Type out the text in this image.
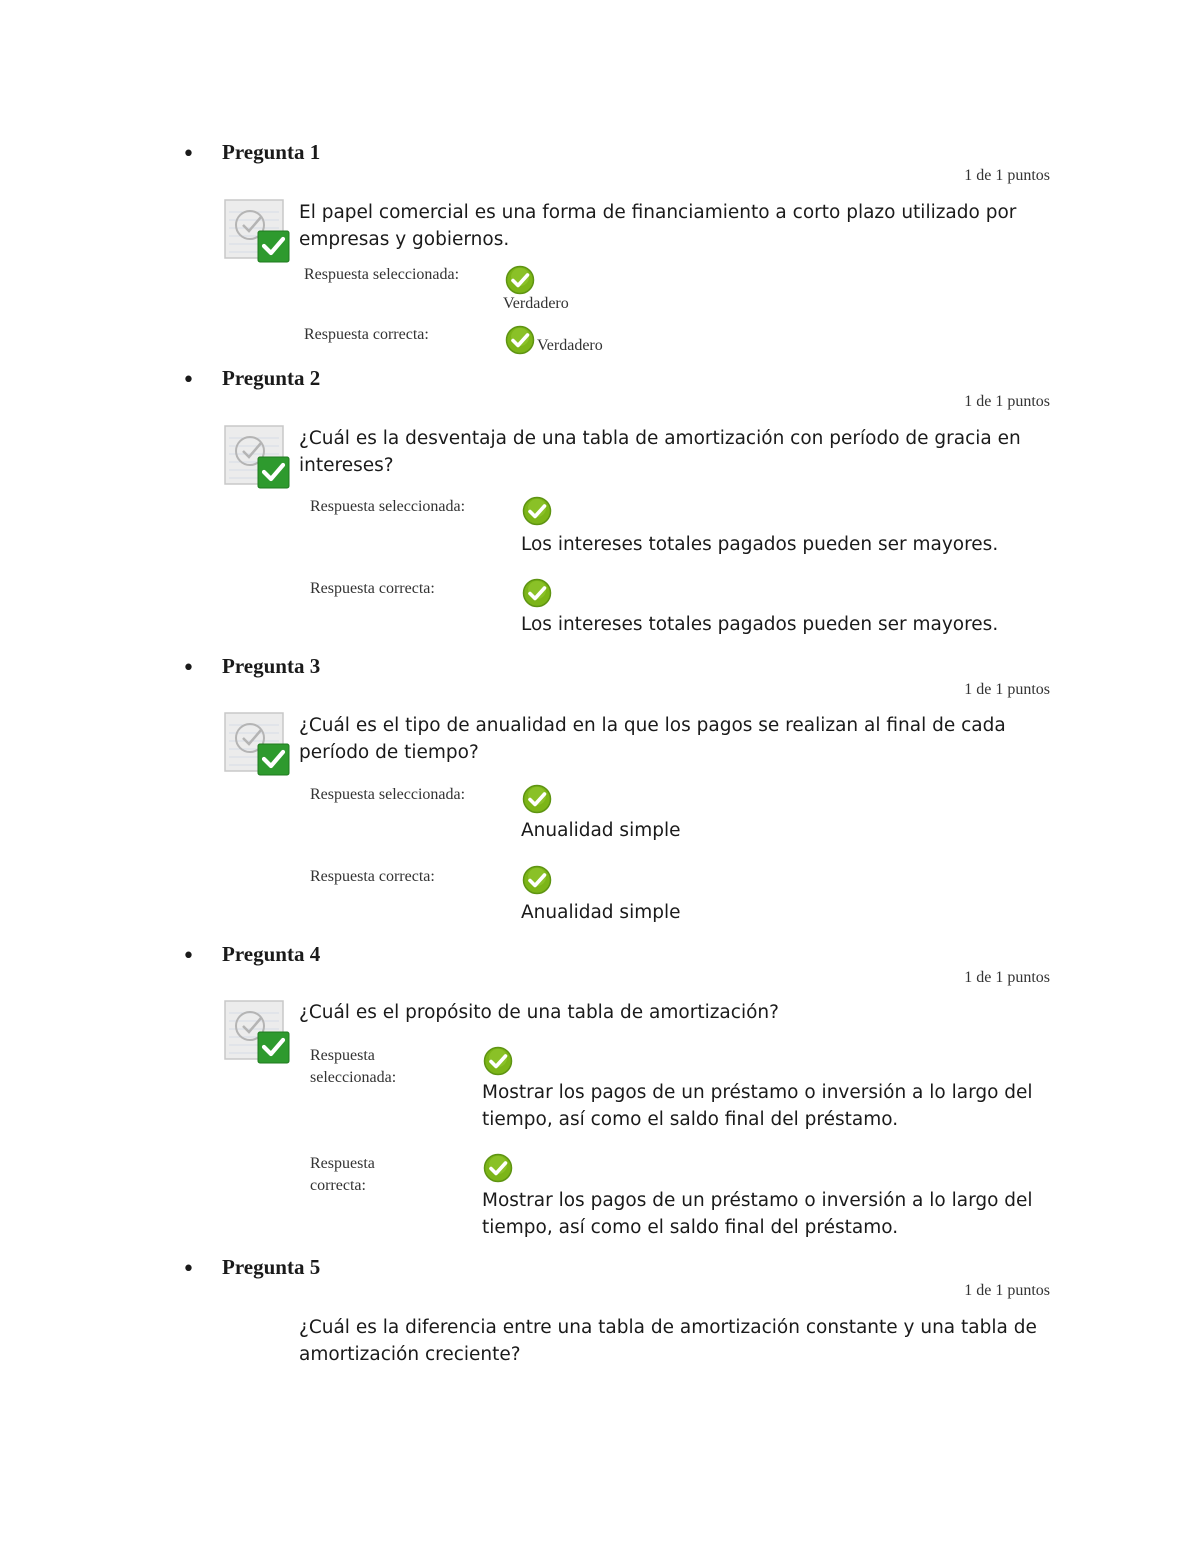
• Pregunta 1
1 de 1 puntos
El papel comercial es una forma de financiamiento a corto plazo utilizado por empresas y gobiernos.
Respuesta seleccionada:
Verdadero
Respuesta correcta:
Verdadero
• Pregunta 2
1 de 1 puntos
¿Cuál es la desventaja de una tabla de amortización con período de gracia en intereses?
Respuesta seleccionada:
Los intereses totales pagados pueden ser mayores.
Respuesta correcta:
Los intereses totales pagados pueden ser mayores.
• Pregunta 3
1 de 1 puntos
¿Cuál es el tipo de anualidad en la que los pagos se realizan al final de cada período de tiempo?
Respuesta seleccionada:
Anualidad simple
Respuesta correcta:
Anualidad simple
• Pregunta 4
1 de 1 puntos
¿Cuál es el propósito de una tabla de amortización?
Respuesta seleccionada:
Mostrar los pagos de un préstamo o inversión a lo largo del tiempo, así como el saldo final del préstamo.
Respuesta correcta:
Mostrar los pagos de un préstamo o inversión a lo largo del tiempo, así como el saldo final del préstamo.
• Pregunta 5
1 de 1 puntos
¿Cuál es la diferencia entre una tabla de amortización constante y una tabla de amortización creciente?
